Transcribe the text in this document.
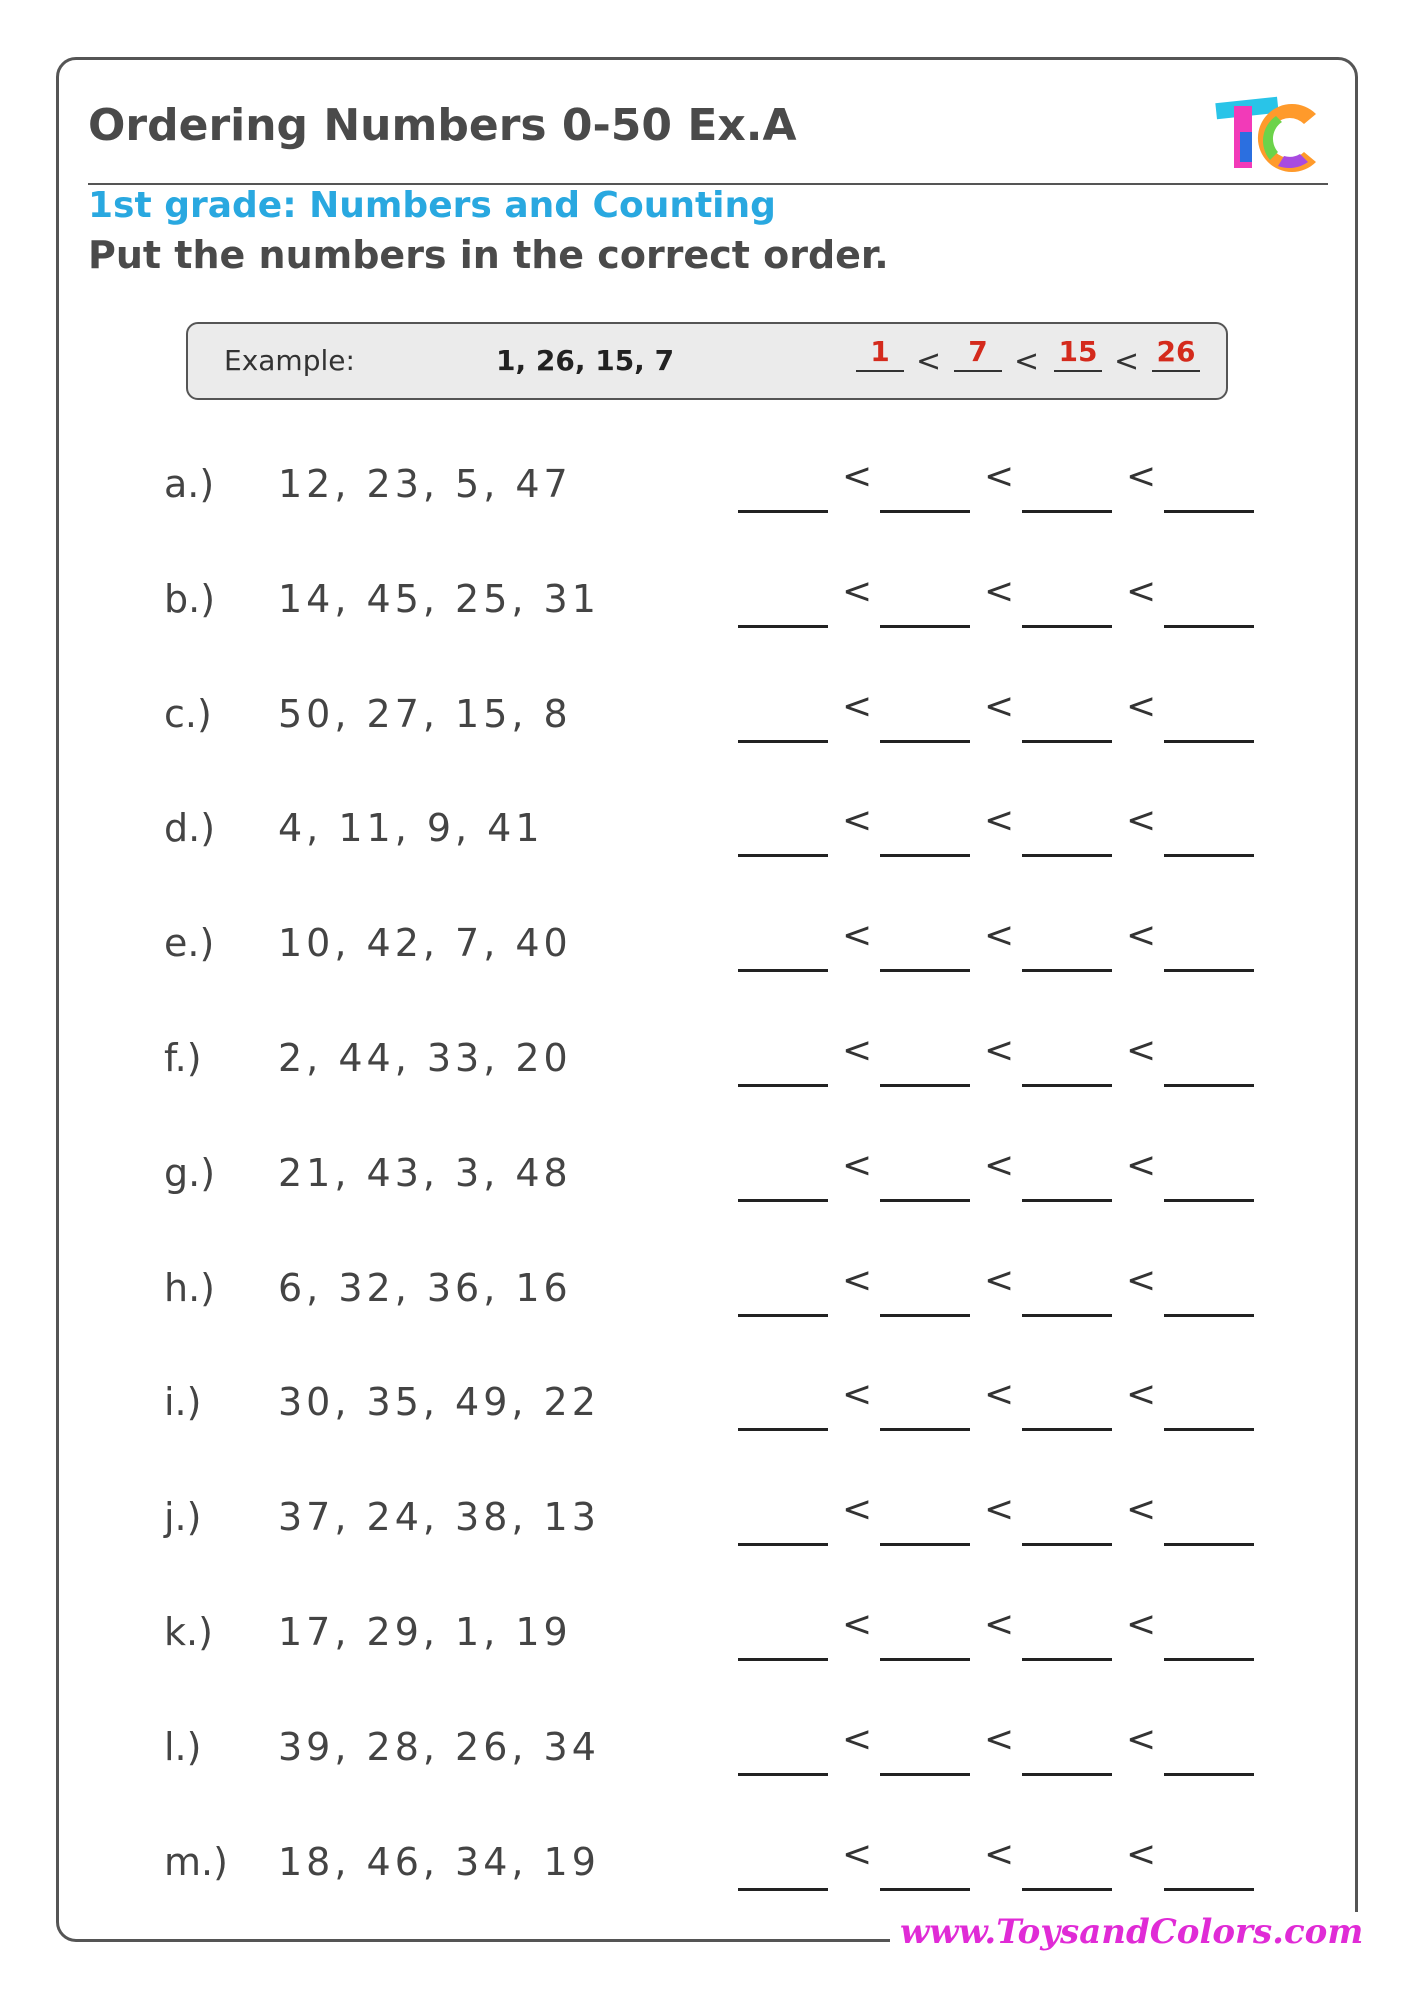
Ordering Numbers 0-50 Ex.A
1st grade: Numbers and Counting

Put the numbers in the correct order.

Example:	1, 26, 15, 7	1 < 7 < 15 < 26
a.) 12, 23, 5, 47	<	<	<
b.) 14, 45, 25, 31	<	<	<
c.) 50, 27, 15, 8	<	<	<
d.) 4, 11, 9, 41	<	<	<
e.) 10, 42, 7, 40	<	<	<
f.) 2, 44, 33, 20	<	<	<
g.) 21, 43, 3, 48	<	<	<
h.) 6, 32, 36, 16	<	<	<
i.) 30, 35, 49, 22	<	<	<
j.) 37, 24, 38, 13	<	<	<
k.) 17, 29, 1, 19	<	<	<
l.) 39, 28, 26, 34	<	<	<
m.) 18, 46, 34, 19	<	<	<

www.ToysandColors.com
